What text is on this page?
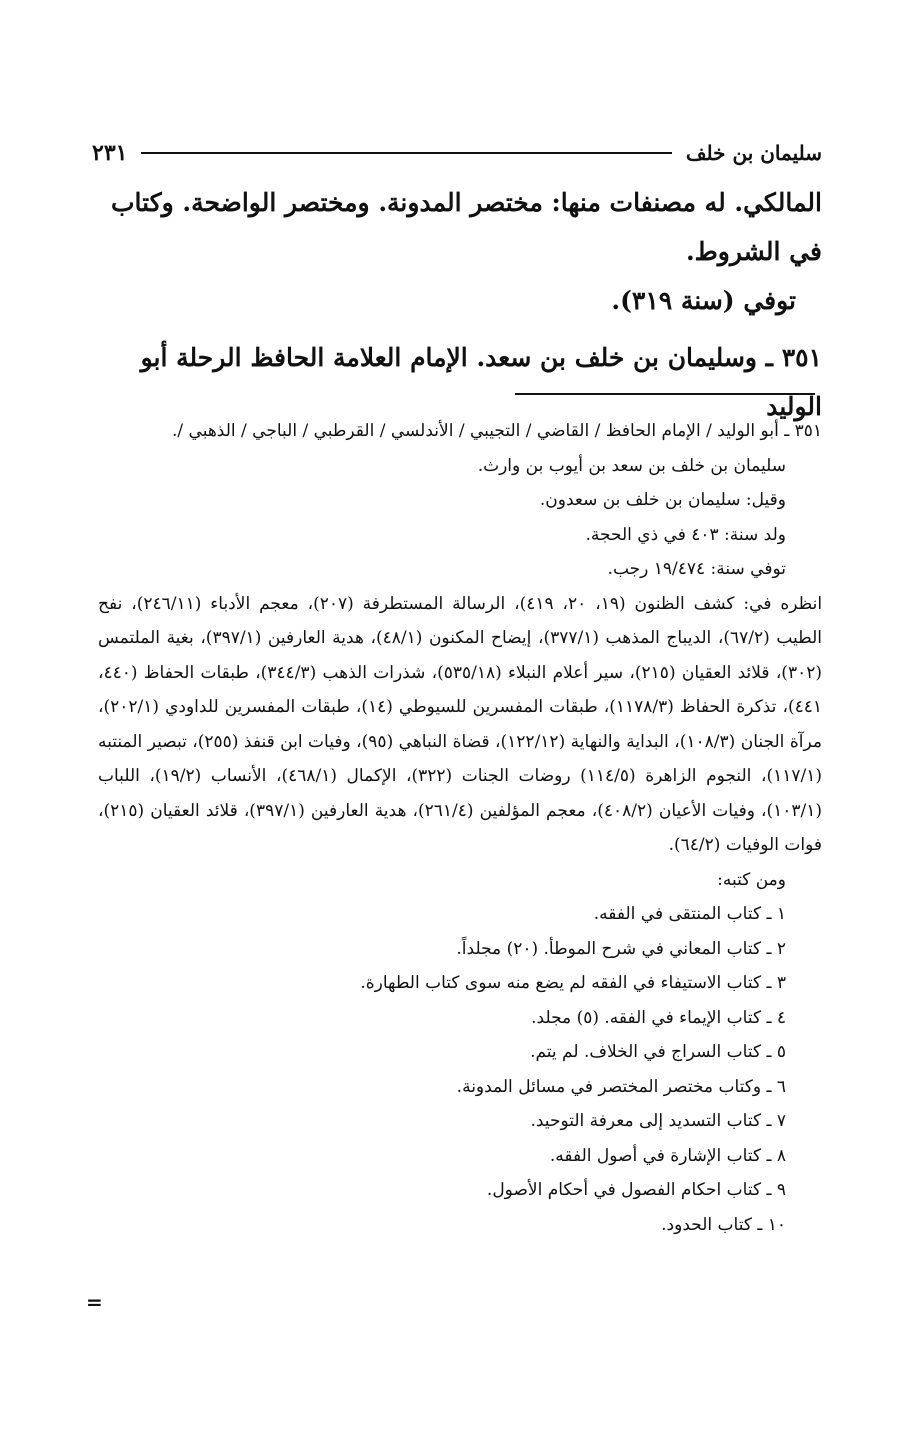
سليمان بن خلف
٢٣١

المالكي. له مصنفات منها: مختصر المدونة. ومختصر الواضحة. وكتاب

في الشروط.

توفي (سنة ٣١٩).

٣٥١ ـ وسليمان بن خلف بن سعد. الإمام العلامة الحافظ الرحلة أبو الوليد

٣٥١ ـ أبو الوليد / الإمام الحافظ / القاضي / التجيبي / الأندلسي / القرطبي / الباجي / الذهبي /.

سليمان بن خلف بن سعد بن أيوب بن وارث.

وقيل: سليمان بن خلف بن سعدون.

ولد سنة: ٤٠٣ في ذي الحجة.

توفي سنة: ١٩/٤٧٤ رجب.

انظره في: كشف الظنون (١٩، ٢٠، ٤١٩)، الرسالة المستطرفة (٢٠٧)، معجم الأدباء (٢٤٦/١١)، نفح الطيب (٦٧/٢)، الديباج المذهب (٣٧٧/١)، إيضاح المكنون (٤٨/١)، هدية العارفين (٣٩٧/١)، بغية الملتمس (٣٠٢)، قلائد العقيان (٢١٥)، سير أعلام النبلاء (٥٣٥/١٨)، شذرات الذهب (٣٤٤/٣)، طبقات الحفاظ (٤٤٠، ٤٤١)، تذكرة الحفاظ (١١٧٨/٣)، طبقات المفسرين للسيوطي (١٤)، طبقات المفسرين للداودي (٢٠٢/١)، مرآة الجنان (١٠٨/٣)، البداية والنهاية (١٢٢/١٢)، قضاة النباهي (٩٥)، وفيات ابن قنفذ (٢٥٥)، تبصير المنتبه (١١٧/١)، النجوم الزاهرة (١١٤/٥) روضات الجنات (٣٢٢)، الإكمال (٤٦٨/١)، الأنساب (١٩/٢)، اللباب (١٠٣/١)، وفيات الأعيان (٤٠٨/٢)، معجم المؤلفين (٢٦١/٤)، هدية العارفين (٣٩٧/١)، قلائد العقيان (٢١٥)، فوات الوفيات (٦٤/٢).

ومن كتبه:

١ ـ كتاب المنتقى في الفقه.
٢ ـ كتاب المعاني في شرح الموطأ. (٢٠) مجلداً.
٣ ـ كتاب الاستيفاء في الفقه لم يضع منه سوى كتاب الطهارة.
٤ ـ كتاب الإيماء في الفقه. (٥) مجلد.
٥ ـ كتاب السراج في الخلاف. لم يتم.
٦ ـ وكتاب مختصر المختصر في مسائل المدونة.
٧ ـ كتاب التسديد إلى معرفة التوحيد.
٨ ـ كتاب الإشارة في أصول الفقه.
٩ ـ كتاب احكام الفصول في أحكام الأصول.
١٠ ـ كتاب الحدود.
=
